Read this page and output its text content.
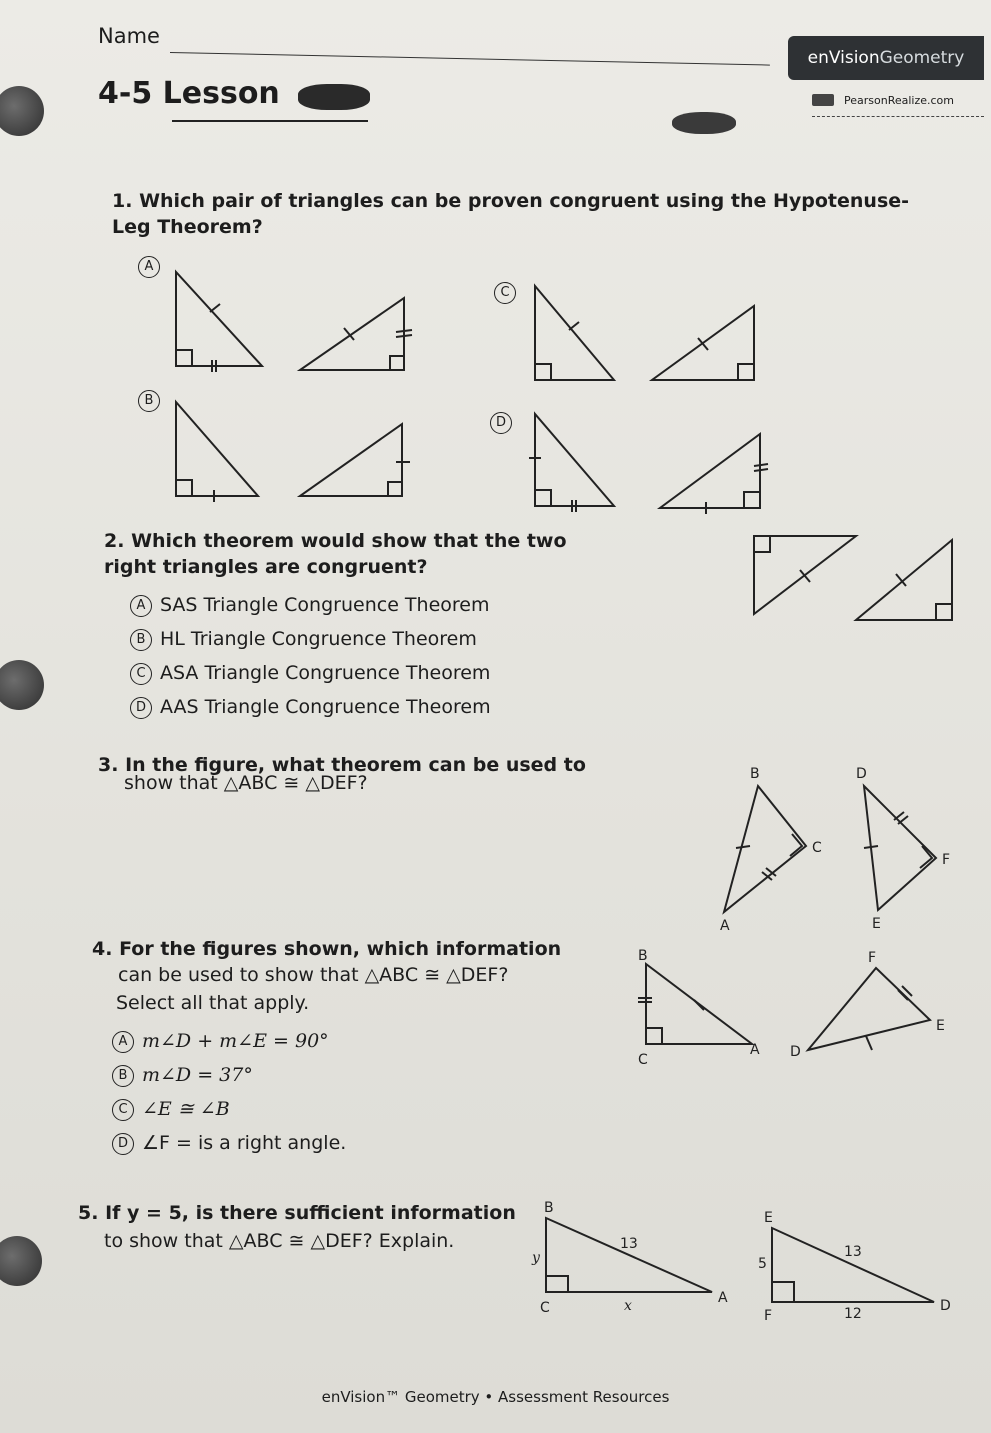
Name
enVision Geometry
PearsonRealize.com
4-5 Lesson
1. Which pair of triangles can be proven congruent using the Hypotenuse-Leg Theorem?
A
B
C
A
D
F
E
B
C
A
F
E
D
B
C
A
13
y
x
E
F
D
13
5
12
C
B
D
2. Which theorem would show that the two right triangles are congruent?
A SAS Triangle Congruence Theorem
B HL Triangle Congruence Theorem
C ASA Triangle Congruence Theorem
D AAS Triangle Congruence Theorem
3. In the figure, what theorem can be used to
show that △ABC ≅ △DEF?
4. For the figures shown, which information
can be used to show that △ABC ≅ △DEF?
Select all that apply.
A m∠D + m∠E = 90°
B m∠D = 37°
C ∠E ≅ ∠B
D ∠F = is a right angle.
5. If y = 5, is there sufficient information
to show that △ABC ≅ △DEF? Explain.
enVision™ Geometry • Assessment Resources
